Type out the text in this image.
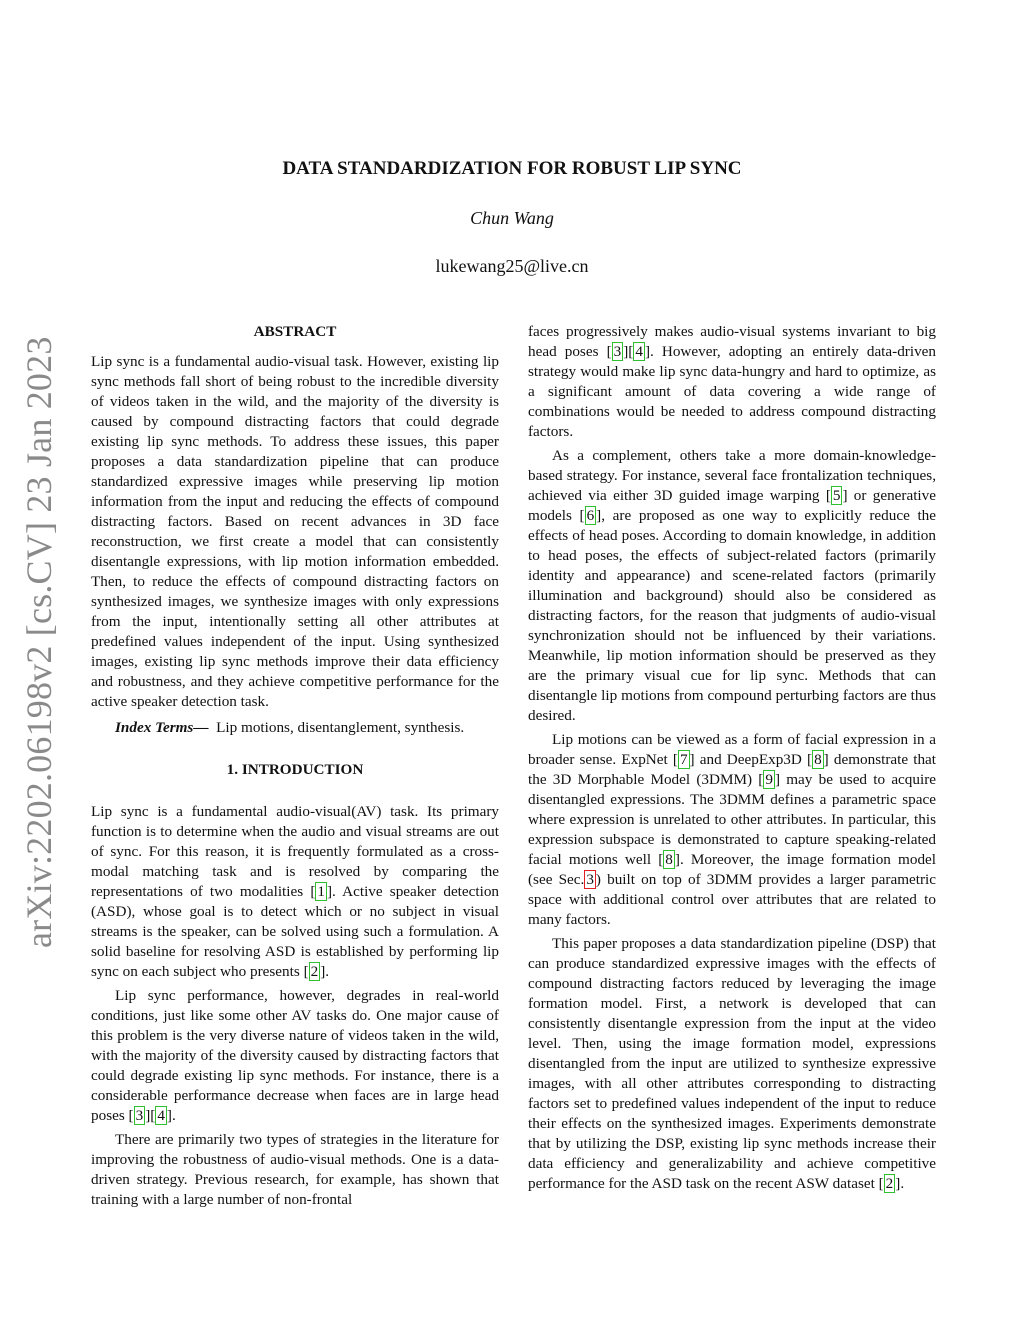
arXiv:2202.06198v2 [cs.CV] 23 Jan 2023
DATA STANDARDIZATION FOR ROBUST LIP SYNC
Chun Wang
lukewang25@live.cn
ABSTRACT

Lip sync is a fundamental audio-visual task. However, existing lip sync methods fall short of being robust to the incredible diversity of videos taken in the wild, and the majority of the diversity is caused by compound distracting factors that could degrade existing lip sync methods. To address these issues, this paper proposes a data standardization pipeline that can produce standardized expressive images while preserving lip motion information from the input and reducing the effects of compound distracting factors. Based on recent advances in 3D face reconstruction, we first create a model that can consistently disentangle expressions, with lip motion information embedded. Then, to reduce the effects of compound distracting factors on synthesized images, we synthesize images with only expressions from the input, intentionally setting all other attributes at predefined values independent of the input. Using synthesized images, existing lip sync methods improve their data efficiency and robustness, and they achieve competitive performance for the active speaker detection task.

Index Terms— Lip motions, disentanglement, synthesis.

1. INTRODUCTION

Lip sync is a fundamental audio-visual(AV) task. Its primary function is to determine when the audio and visual streams are out of sync. For this reason, it is frequently formulated as a cross-modal matching task and is resolved by comparing the representations of two modalities [ 1 ]. Active speaker detection (ASD), whose goal is to detect which or no subject in visual streams is the speaker, can be solved using such a formulation. A solid baseline for resolving ASD is established by performing lip sync on each subject who presents [ 2 ].

Lip sync performance, however, degrades in real-world conditions, just like some other AV tasks do. One major cause of this problem is the very diverse nature of videos taken in the wild, with the majority of the diversity caused by distracting factors that could degrade existing lip sync methods. For instance, there is a considerable performance decrease when faces are in large head poses [ 3 ][ 4 ].

There are primarily two types of strategies in the literature for improving the robustness of audio-visual methods. One is a data-driven strategy. Previous research, for example, has shown that training with a large number of non-frontal

faces progressively makes audio-visual systems invariant to big head poses [ 3 ][ 4 ]. However, adopting an entirely data-driven strategy would make lip sync data-hungry and hard to optimize, as a significant amount of data covering a wide range of combinations would be needed to address compound distracting factors.

As a complement, others take a more domain-knowledge-based strategy. For instance, several face frontalization techniques, achieved via either 3D guided image warping [ 5 ] or generative models [ 6 ], are proposed as one way to explicitly reduce the effects of head poses. According to domain knowledge, in addition to head poses, the effects of subject-related factors (primarily identity and appearance) and scene-related factors (primarily illumination and background) should also be considered as distracting factors, for the reason that judgments of audio-visual synchronization should not be influenced by their variations. Meanwhile, lip motion information should be preserved as they are the primary visual cue for lip sync. Methods that can disentangle lip motions from compound perturbing factors are thus desired.

Lip motions can be viewed as a form of facial expression in a broader sense. ExpNet [ 7 ] and DeepExp3D [ 8 ] demonstrate that the 3D Morphable Model (3DMM) [ 9 ] may be used to acquire disentangled expressions. The 3DMM defines a parametric space where expression is unrelated to other attributes. In particular, this expression subspace is demonstrated to capture speaking-related facial motions well [ 8 ]. Moreover, the image formation model (see Sec. 3 ) built on top of 3DMM provides a larger parametric space with additional control over attributes that are related to many factors.

This paper proposes a data standardization pipeline (DSP) that can produce standardized expressive images with the effects of compound distracting factors reduced by leveraging the image formation model. First, a network is developed that can consistently disentangle expression from the input at the video level. Then, using the image formation model, expressions disentangled from the input are utilized to synthesize expressive images, with all other attributes corresponding to distracting factors set to predefined values independent of the input to reduce their effects on the synthesized images. Experiments demonstrate that by utilizing the DSP, existing lip sync methods increase their data efficiency and generalizability and achieve competitive performance for the ASD task on the recent ASW dataset [ 2 ].
